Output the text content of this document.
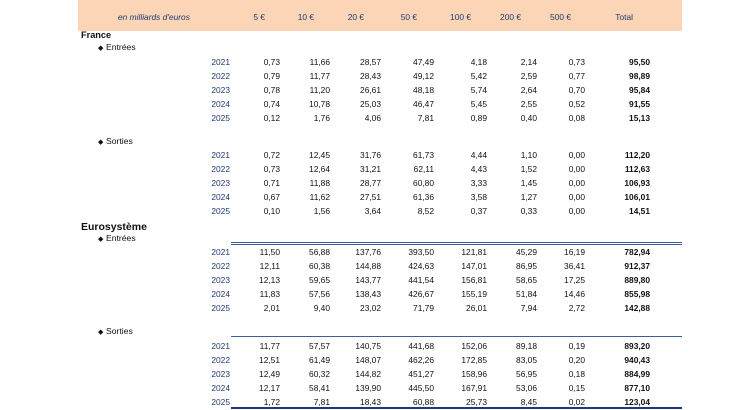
en milliards d'euros	5 €	10 €	20 €	50 €	100 €	200 €	500 €	Total
France
◆ Entrées
2021	0,73	11,66	28,57	47,49	4,18	2,14	0,73	95,50
2022	0,79	11,77	28,43	49,12	5,42	2,59	0,77	98,89
2023	0,78	11,20	26,61	48,18	5,74	2,64	0,70	95,84
2024	0,74	10,78	25,03	46,47	5,45	2,55	0,52	91,55
2025	0,12	1,76	4,06	7,81	0,89	0,40	0,08	15,13
◆ Sorties
2021	0,72	12,45	31,76	61,73	4,44	1,10	0,00	112,20
2022	0,73	12,64	31,21	62,11	4,43	1,52	0,00	112,63
2023	0,71	11,88	28,77	60,80	3,33	1,45	0,00	106,93
2024	0,67	11,62	27,51	61,36	3,58	1,27	0,00	106,01
2025	0,10	1,56	3,64	8,52	0,37	0,33	0,00	14,51
Eurosystème
◆ Entrées
2021	11,50	56,88	137,76	393,50	121,81	45,29	16,19	782,94
2022	12,11	60,38	144,88	424,63	147,01	86,95	36,41	912,37
2023	12,13	59,65	143,77	441,54	156,81	58,65	17,25	889,80
2024	11,83	57,56	138,43	426,67	155,19	51,84	14,46	855,98
2025	2,01	9,40	23,02	71,79	26,01	7,94	2,72	142,88
◆ Sorties
2021	11,77	57,57	140,75	441,68	152,06	89,18	0,19	893,20
2022	12,51	61,49	148,07	462,26	172,85	83,05	0,20	940,43
2023	12,49	60,32	144,82	451,27	158,96	56,95	0,18	884,99
2024	12,17	58,41	139,90	445,50	167,91	53,06	0,15	877,10
2025	1,72	7,81	18,43	60,88	25,73	8,45	0,02	123,04
